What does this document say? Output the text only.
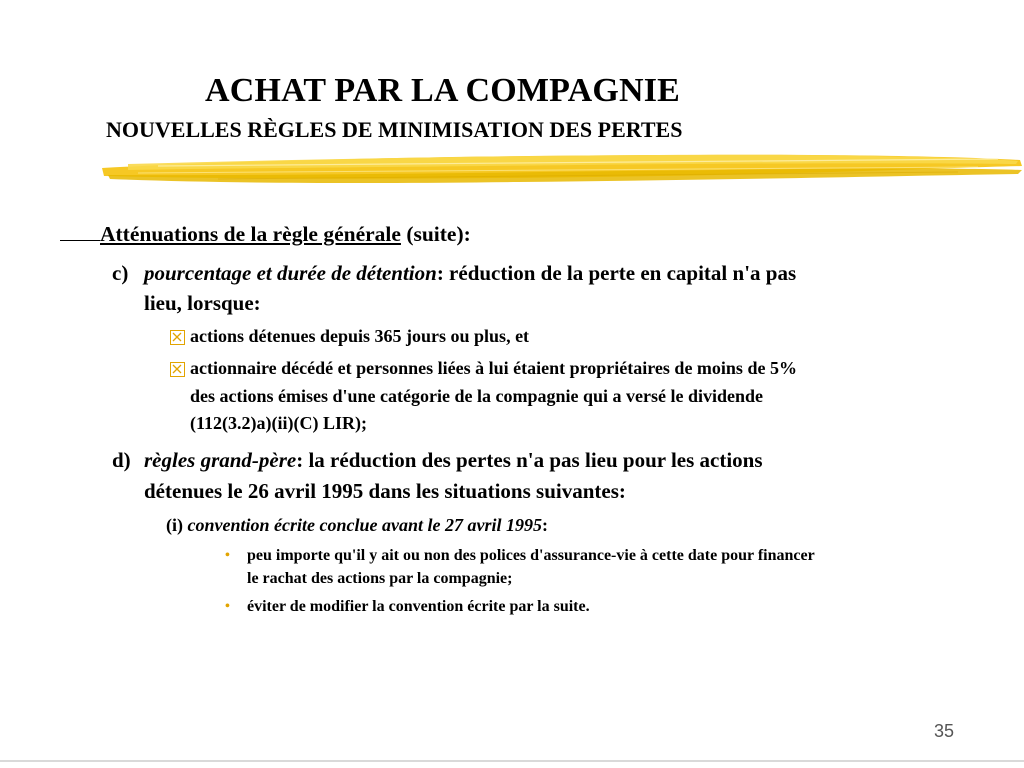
ACHAT PAR LA COMPAGNIE
NOUVELLES RÈGLES DE MINIMISATION DES PERTES
Atténuations de la règle générale (suite):
c) pourcentage et durée de détention: réduction de la perte en capital n'a pas
lieu, lorsque:
actions détenues depuis 365 jours ou plus, et
actionnaire décédé et personnes liées à lui étaient propriétaires de moins de 5%
des actions émises d'une catégorie de la compagnie qui a versé le dividende
(112(3.2)a)(ii)(C) LIR);
d) règles grand-père: la réduction des pertes n'a pas lieu pour les actions
détenues le 26 avril 1995 dans les situations suivantes:
(i) convention écrite conclue avant le 27 avril 1995:
• peu importe qu'il y ait ou non des polices d'assurance-vie à cette date pour financer
le rachat des actions par la compagnie;
• éviter de modifier la convention écrite par la suite.
35
